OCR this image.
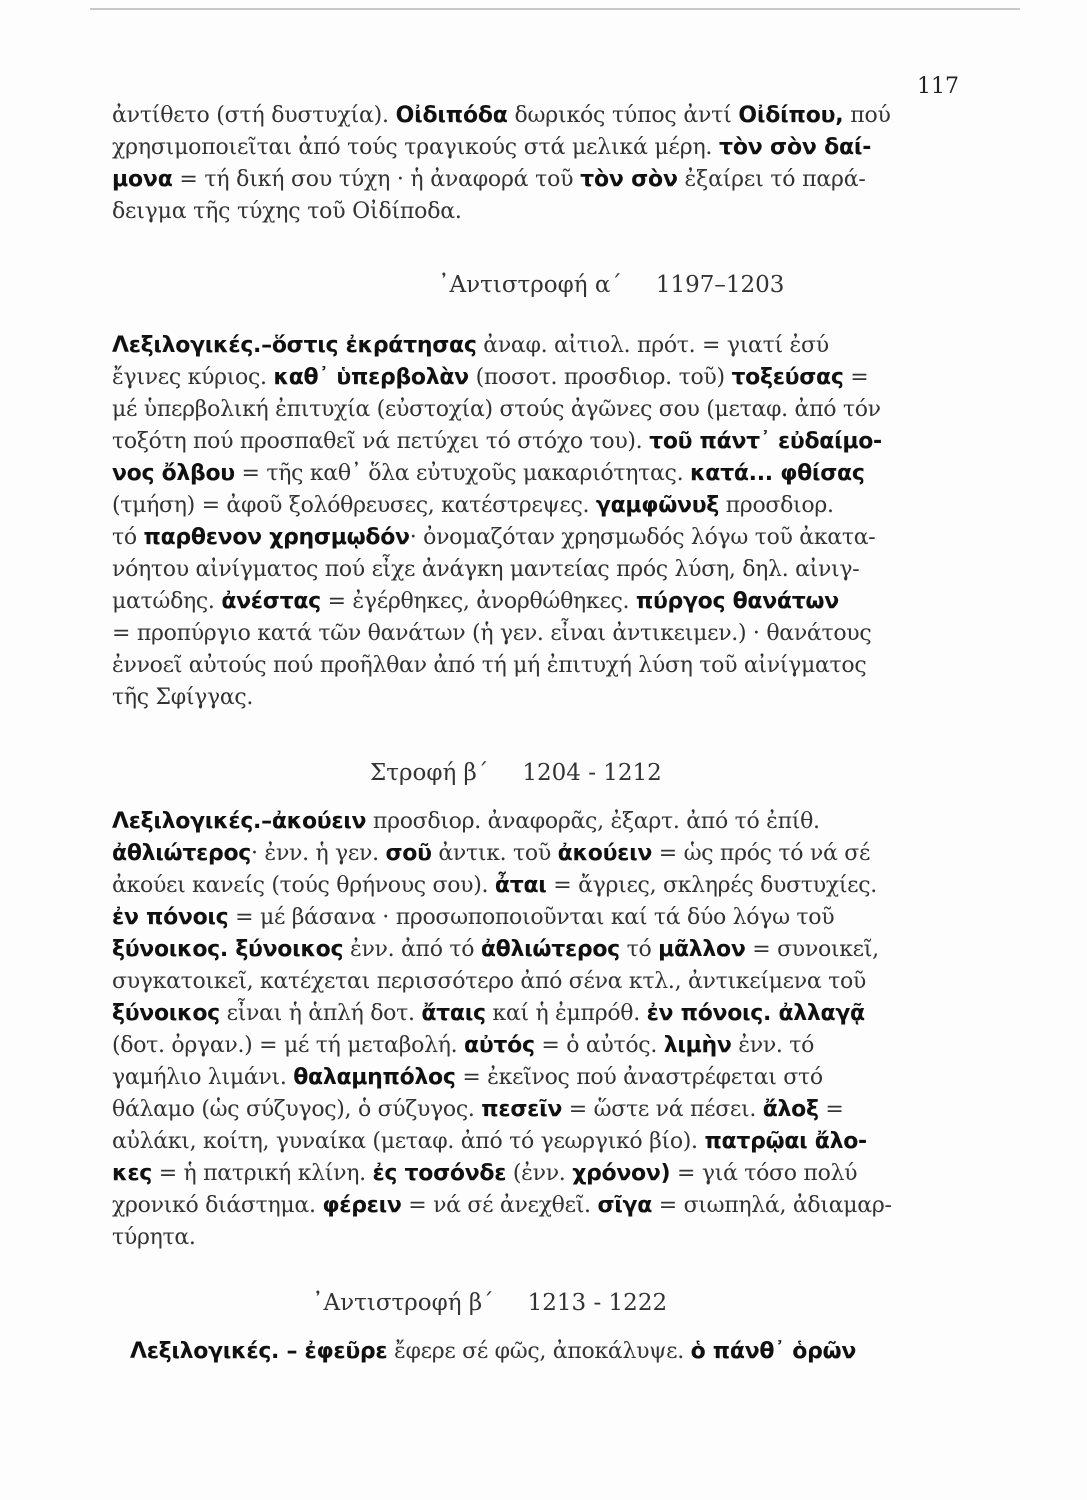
117
ἀντίθετο (στή δυστυχία). Οἰδιπόδα δωρικός τύπος ἀντί Οἰδίπου, πού
χρησιμοποιεῖται ἀπό τούς τραγικούς στά μελικά μέρη. τὸν σὸν δαί-
μονα = τή δική σου τύχη · ἡ ἀναφορά τοῦ τὸν σὸν ἐξαίρει τό παρά-
δειγμα τῆς τύχης τοῦ Οἰδίποδα.
᾿Αντιστροφή α΄ 1197–1203
Λεξιλογικές.–ὅστις ἐκράτησας ἀναφ. αἰτιολ. πρότ. = γιατί ἐσύ
ἔγινες κύριος. καθ᾿ ὑπερβολὰν (ποσοτ. προσδιορ. τοῦ) τοξεύσας =
μέ ὑπερβολική ἐπιτυχία (εὐστοχία) στούς ἀγῶνες σου (μεταφ. ἀπό τόν
τοξότη πού προσπαθεῖ νά πετύχει τό στόχο του). τοῦ πάντ᾿ εὐδαίμο-
νος ὄλβου = τῆς καθ᾿ ὅλα εὐτυχοῦς μακαριότητας. κατά... φθίσας
(τμήση) = ἀφοῦ ξολόθρευσες, κατέστρεψες. γαμφῶνυξ προσδιορ.
τό παρθενον χρησμῳδόν· ὀνομαζόταν χρησμωδός λόγω τοῦ ἀκατα-
νόητου αἰνίγματος πού εἶχε ἀνάγκη μαντείας πρός λύση, δηλ. αἰνιγ-
ματώδης. ἀνέστας = ἐγέρθηκες, ἀνορθώθηκες. πύργος θανάτων
= προπύργιο κατά τῶν θανάτων (ἡ γεν. εἶναι ἀντικειμεν.) · θανάτους
ἐννοεῖ αὐτούς πού προῆλθαν ἀπό τή μή ἐπιτυχή λύση τοῦ αἰνίγματος
τῆς Σφίγγας.
Στροφή β΄ 1204 - 1212
Λεξιλογικές.–ἀκούειν προσδιορ. ἀναφορᾶς, ἐξαρτ. ἀπό τό ἐπίθ.
ἀθλιώτερος· ἐνν. ἡ γεν. σοῦ ἀντικ. τοῦ ἀκούειν = ὡς πρός τό νά σέ
ἀκούει κανείς (τούς θρήνους σου). ἆται = ἄγριες, σκληρές δυστυχίες.
ἐν πόνοις = μέ βάσανα · προσωποποιοῦνται καί τά δύο λόγω τοῦ
ξύνοικος. ξύνοικος ἐνν. ἀπό τό ἀθλιώτερος τό μᾶλλον = συνοικεῖ,
συγκατοικεῖ, κατέχεται περισσότερο ἀπό σένα κτλ., ἀντικείμενα τοῦ
ξύνοικος εἶναι ἡ ἁπλή δοτ. ἄταις καί ἡ ἐμπρόθ. ἐν πόνοις. ἀλλαγᾷ
(δοτ. ὀργαν.) = μέ τή μεταβολή. αὐτός = ὁ αὐτός. λιμὴν ἐνν. τό
γαμήλιο λιμάνι. θαλαμηπόλος = ἐκεῖνος πού ἀναστρέφεται στό
θάλαμο (ὡς σύζυγος), ὁ σύζυγος. πεσεῖν = ὥστε νά πέσει. ἄλοξ =
αὐλάκι, κοίτη, γυναίκα (μεταφ. ἀπό τό γεωργικό βίο). πατρῷαι ἄλο-
κες = ἡ πατρική κλίνη. ἐς τοσόνδε (ἐνν. χρόνον) = γιά τόσο πολύ
χρονικό διάστημα. φέρειν = νά σέ ἀνεχθεῖ. σῖγα = σιωπηλά, ἀδιαμαρ-
τύρητα.
᾿Αντιστροφή β΄ 1213 - 1222
Λεξιλογικές. – ἐφεῦρε ἔφερε σέ φῶς, ἀποκάλυψε. ὁ πάνθ᾿ ὁρῶν
